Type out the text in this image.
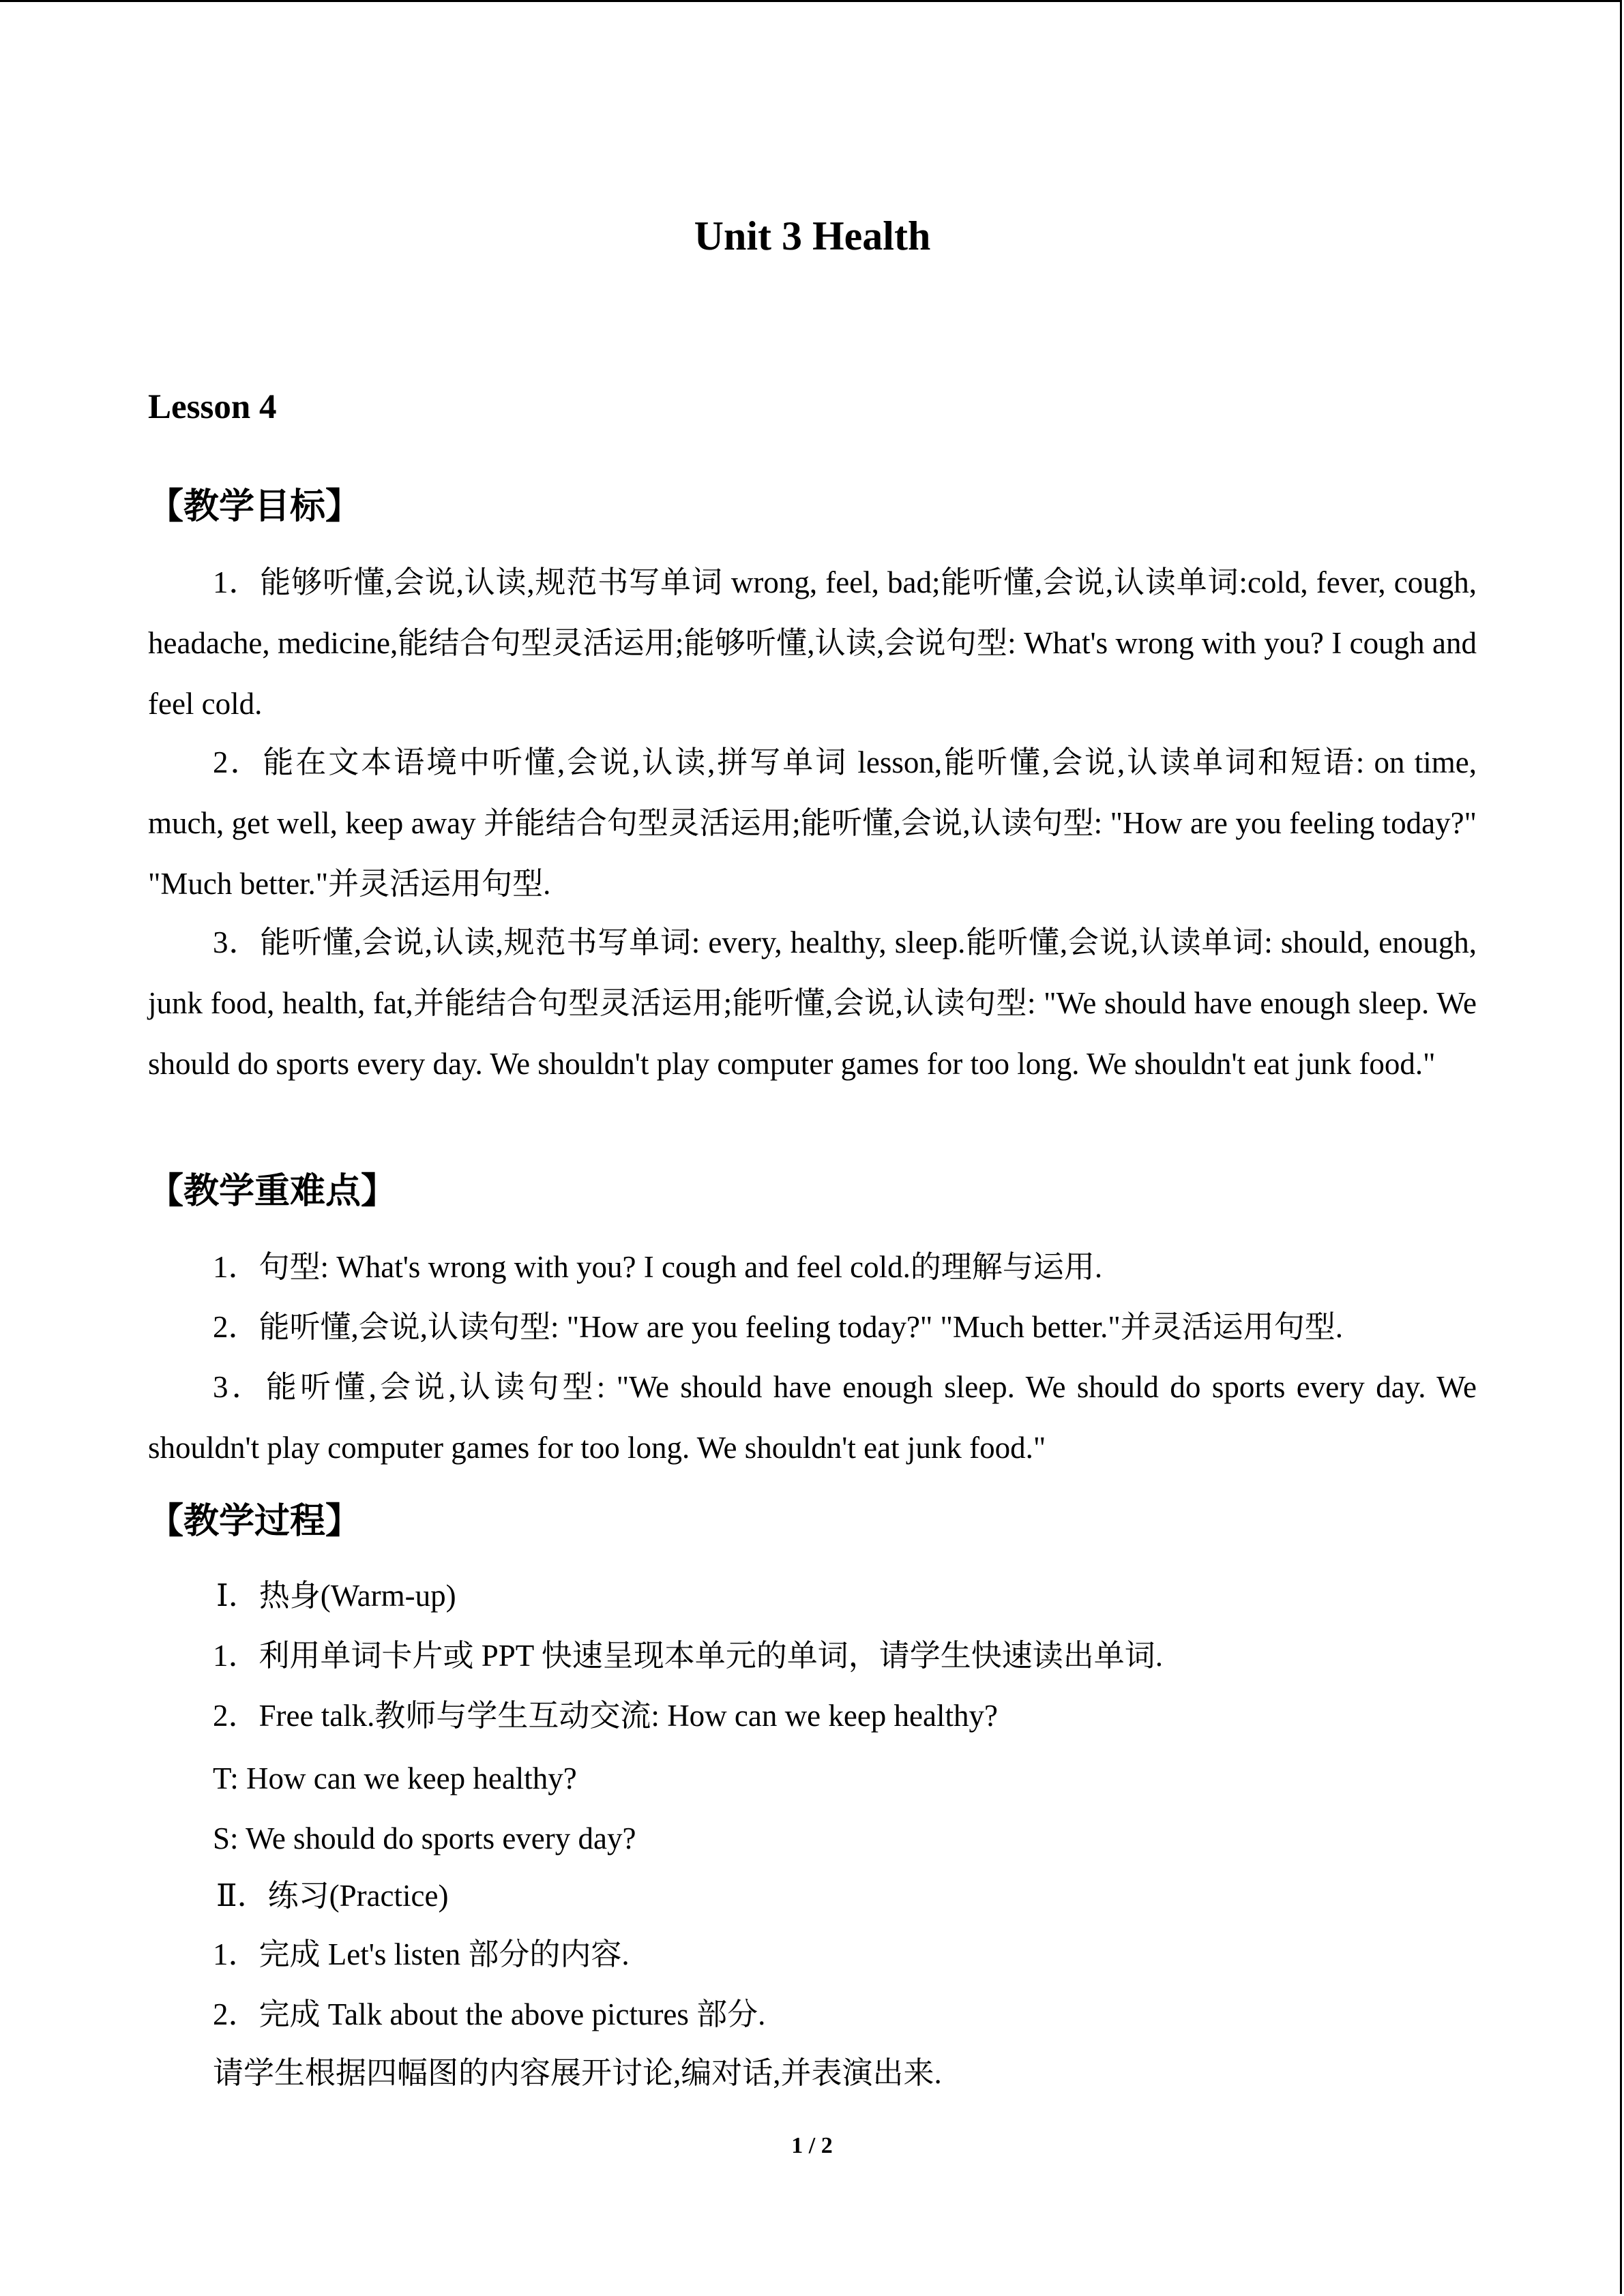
Unit 3 Health
Lesson 4
【教学目标】
1．能够听懂,会说,认读,规范书写单词 wrong, feel, bad;能听懂,会说,认读单词:cold, fever, cough, headache, medicine,能结合句型灵活运用;能够听懂,认读,会说句型: What's wrong with you? I cough and feel cold.
2．能在文本语境中听懂,会说,认读,拼写单词 lesson,能听懂,会说,认读单词和短语: on time, much, get well, keep away 并能结合句型灵活运用;能听懂,会说,认读句型: "How are you feeling today?" "Much better."并灵活运用句型.
3．能听懂,会说,认读,规范书写单词: every, healthy, sleep.能听懂,会说,认读单词: should, enough, junk food, health, fat,并能结合句型灵活运用;能听懂,会说,认读句型: "We should have enough sleep. We should do sports every day. We shouldn't play computer games for too long. We shouldn't eat junk food."
【教学重难点】
1．句型: What's wrong with you? I cough and feel cold.的理解与运用.
2．能听懂,会说,认读句型: "How are you feeling today?" "Much better."并灵活运用句型.
3．能听懂,会说,认读句型: "We should have enough sleep. We should do sports every day. We shouldn't play computer games for too long. We shouldn't eat junk food."
【教学过程】
Ⅰ．热身(Warm-up)
1．利用单词卡片或 PPT 快速呈现本单元的单词，请学生快速读出单词.
2．Free talk.教师与学生互动交流: How can we keep healthy?
T: How can we keep healthy?
S: We should do sports every day?
Ⅱ．练习(Practice)
1．完成 Let's listen 部分的内容.
2．完成 Talk about the above pictures 部分.
请学生根据四幅图的内容展开讨论,编对话,并表演出来.
1 / 2
